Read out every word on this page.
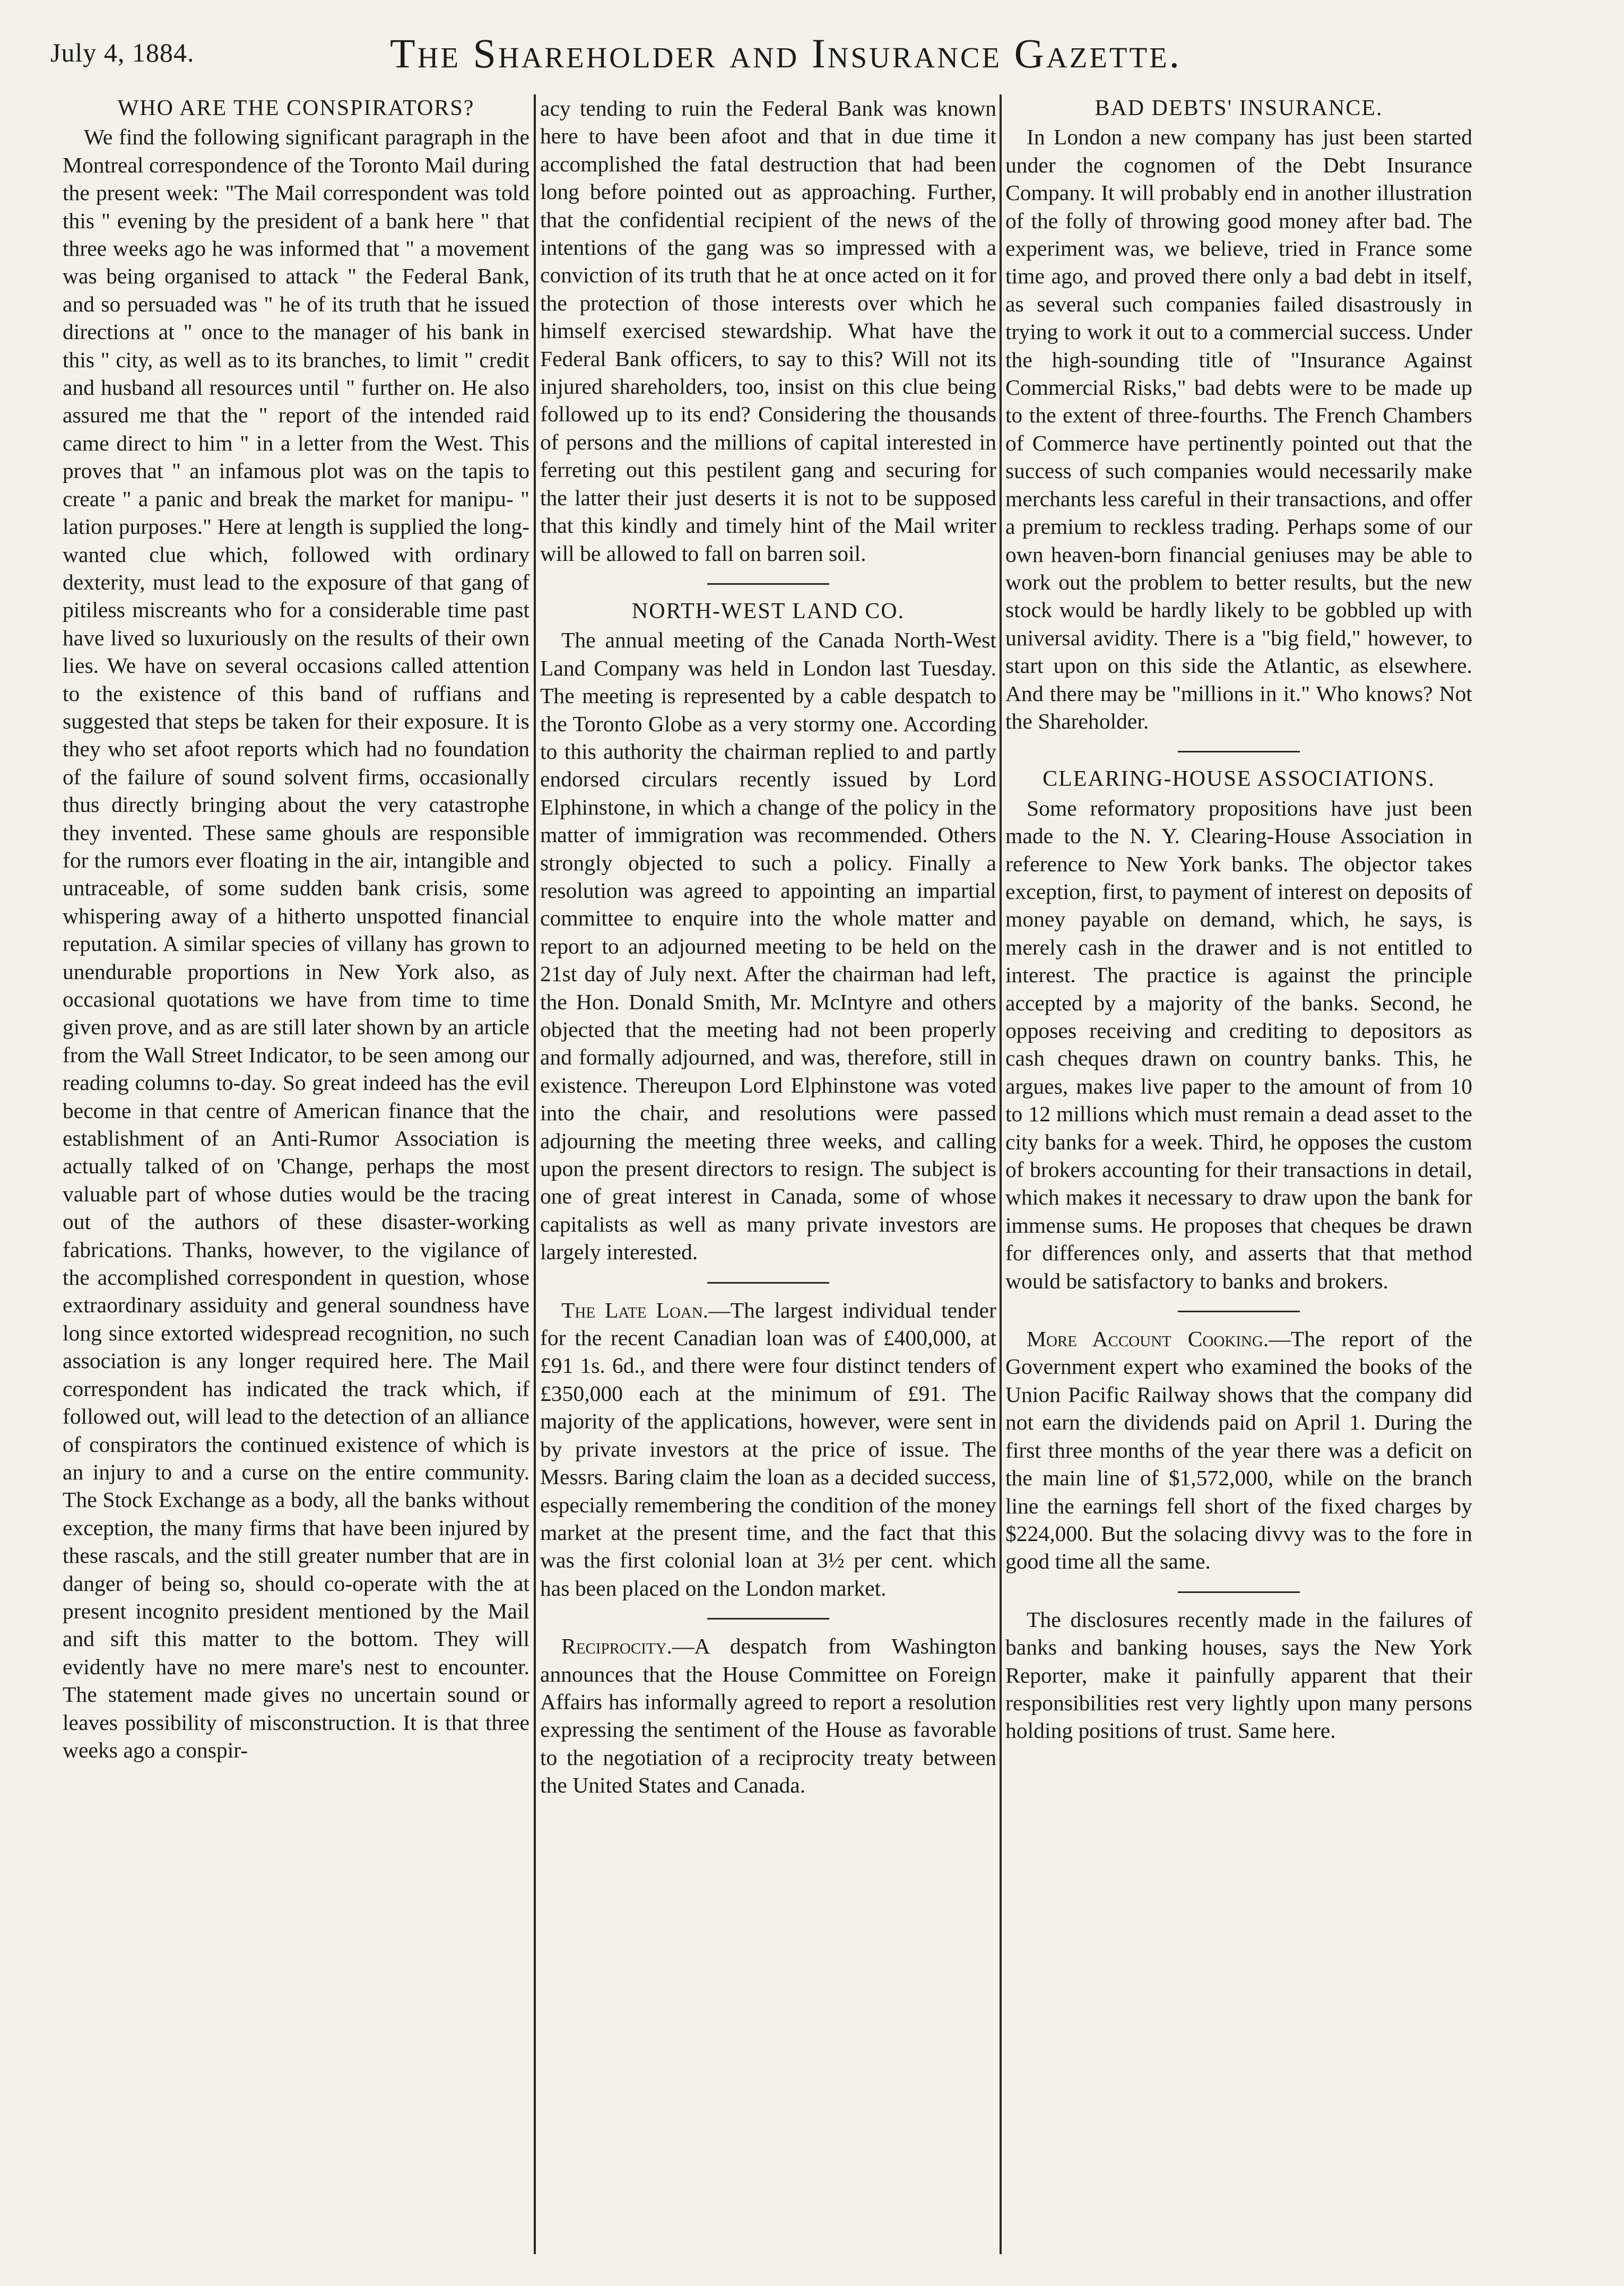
July 4, 1884.	The Shareholder and Insurance Gazette.
WHO ARE THE CONSPIRATORS?

We find the following significant paragraph in the Montreal correspondence of the Toronto Mail during the present week: "The Mail correspondent was told this " evening by the president of a bank here " that three weeks ago he was informed that " a movement was being organised to attack " the Federal Bank, and so persuaded was " he of its truth that he issued directions at " once to the manager of his bank in this " city, as well as to its branches, to limit " credit and husband all resources until " further on. He also assured me that the " report of the intended raid came direct to him " in a letter from the West. This proves that " an infamous plot was on the tapis to create " a panic and break the market for manipu- " lation purposes." Here at length is supplied the long-wanted clue which, followed with ordinary dexterity, must lead to the exposure of that gang of pitiless miscreants who for a considerable time past have lived so luxuriously on the results of their own lies. We have on several occasions called attention to the existence of this band of ruffians and suggested that steps be taken for their exposure. It is they who set afoot reports which had no foundation of the failure of sound solvent firms, occasionally thus directly bringing about the very catastrophe they invented. These same ghouls are responsible for the rumors ever floating in the air, intangible and untraceable, of some sudden bank crisis, some whispering away of a hitherto unspotted financial reputation. A similar species of villany has grown to unendurable proportions in New York also, as occasional quotations we have from time to time given prove, and as are still later shown by an article from the Wall Street Indicator, to be seen among our reading columns to-day. So great indeed has the evil become in that centre of American finance that the establishment of an Anti-Rumor Association is actually talked of on 'Change, perhaps the most valuable part of whose duties would be the tracing out of the authors of these disaster-working fabrications. Thanks, however, to the vigilance of the accomplished correspondent in question, whose extraordinary assiduity and general soundness have long since extorted widespread recognition, no such association is any longer required here. The Mail correspondent has indicated the track which, if followed out, will lead to the detection of an alliance of conspirators the continued existence of which is an injury to and a curse on the entire community. The Stock Exchange as a body, all the banks without exception, the many firms that have been injured by these rascals, and the still greater number that are in danger of being so, should co-operate with the at present incognito president mentioned by the Mail and sift this matter to the bottom. They will evidently have no mere mare's nest to encounter. The statement made gives no uncertain sound or leaves possibility of misconstruction. It is that three weeks ago a conspir-

acy tending to ruin the Federal Bank was known here to have been afoot and that in due time it accomplished the fatal destruction that had been long before pointed out as approaching. Further, that the confidential recipient of the news of the intentions of the gang was so impressed with a conviction of its truth that he at once acted on it for the protection of those interests over which he himself exercised stewardship. What have the Federal Bank officers, to say to this? Will not its injured shareholders, too, insist on this clue being followed up to its end? Considering the thousands of persons and the millions of capital interested in ferreting out this pestilent gang and securing for the latter their just deserts it is not to be supposed that this kindly and timely hint of the Mail writer will be allowed to fall on barren soil.

NORTH-WEST LAND CO.

The annual meeting of the Canada North-West Land Company was held in London last Tuesday. The meeting is represented by a cable despatch to the Toronto Globe as a very stormy one. According to this authority the chairman replied to and partly endorsed circulars recently issued by Lord Elphinstone, in which a change of the policy in the matter of immigration was recommended. Others strongly objected to such a policy. Finally a resolution was agreed to appointing an impartial committee to enquire into the whole matter and report to an adjourned meeting to be held on the 21st day of July next. After the chairman had left, the Hon. Donald Smith, Mr. McIntyre and others objected that the meeting had not been properly and formally adjourned, and was, therefore, still in existence. Thereupon Lord Elphinstone was voted into the chair, and resolutions were passed adjourning the meeting three weeks, and calling upon the present directors to resign. The subject is one of great interest in Canada, some of whose capitalists as well as many private investors are largely interested.

The Late Loan.—The largest individual tender for the recent Canadian loan was of £400,000, at £91 1s. 6d., and there were four distinct tenders of £350,000 each at the minimum of £91. The majority of the applications, however, were sent in by private investors at the price of issue. The Messrs. Baring claim the loan as a decided success, especially remembering the condition of the money market at the present time, and the fact that this was the first colonial loan at 3½ per cent. which has been placed on the London market.

Reciprocity.—A despatch from Washington announces that the House Committee on Foreign Affairs has informally agreed to report a resolution expressing the sentiment of the House as favorable to the negotiation of a reciprocity treaty between the United States and Canada.

BAD DEBTS' INSURANCE.

In London a new company has just been started under the cognomen of the Debt Insurance Company. It will probably end in another illustration of the folly of throwing good money after bad. The experiment was, we believe, tried in France some time ago, and proved there only a bad debt in itself, as several such companies failed disastrously in trying to work it out to a commercial success. Under the high-sounding title of "Insurance Against Commercial Risks," bad debts were to be made up to the extent of three-fourths. The French Chambers of Commerce have pertinently pointed out that the success of such companies would necessarily make merchants less careful in their transactions, and offer a premium to reckless trading. Perhaps some of our own heaven-born financial geniuses may be able to work out the problem to better results, but the new stock would be hardly likely to be gobbled up with universal avidity. There is a "big field," however, to start upon on this side the Atlantic, as elsewhere. And there may be "millions in it." Who knows? Not the Shareholder.

CLEARING-HOUSE ASSOCIATIONS.

Some reformatory propositions have just been made to the N. Y. Clearing-House Association in reference to New York banks. The objector takes exception, first, to payment of interest on deposits of money payable on demand, which, he says, is merely cash in the drawer and is not entitled to interest. The practice is against the principle accepted by a majority of the banks. Second, he opposes receiving and crediting to depositors as cash cheques drawn on country banks. This, he argues, makes live paper to the amount of from 10 to 12 millions which must remain a dead asset to the city banks for a week. Third, he opposes the custom of brokers accounting for their transactions in detail, which makes it necessary to draw upon the bank for immense sums. He proposes that cheques be drawn for differences only, and asserts that that method would be satisfactory to banks and brokers.

More Account Cooking.—The report of the Government expert who examined the books of the Union Pacific Railway shows that the company did not earn the dividends paid on April 1. During the first three months of the year there was a deficit on the main line of $1,572,000, while on the branch line the earnings fell short of the fixed charges by $224,000. But the solacing divvy was to the fore in good time all the same.

The disclosures recently made in the failures of banks and banking houses, says the New York Reporter, make it painfully apparent that their responsibilities rest very lightly upon many persons holding positions of trust. Same here.
